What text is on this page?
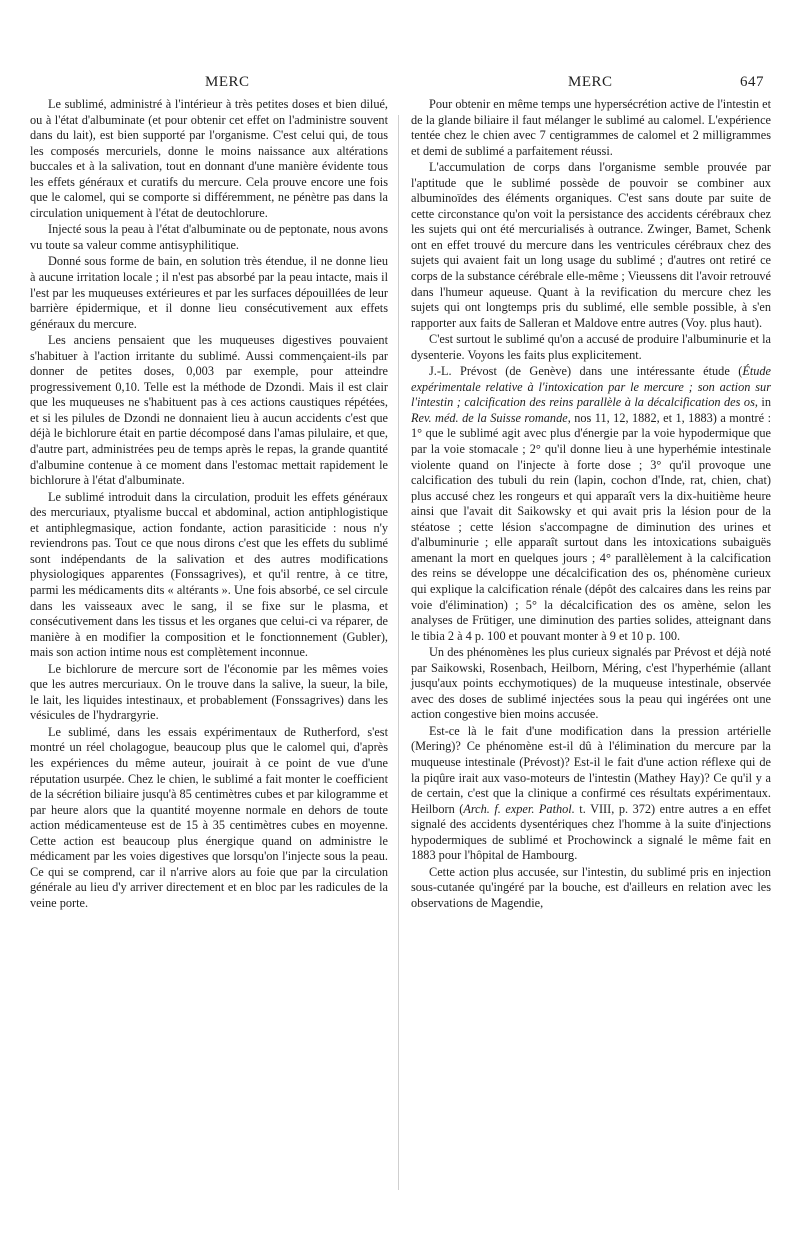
MERC	MERC	647

Le sublimé, administré à l'intérieur à très petites doses et bien dilué, ou à l'état d'albuminate (et pour obtenir cet effet on l'administre souvent dans du lait), est bien supporté par l'organisme. C'est celui qui, de tous les composés mercuriels, donne le moins naissance aux altérations buccales et à la salivation, tout en donnant d'une manière évidente tous les effets généraux et curatifs du mercure. Cela prouve encore une fois que le calomel, qui se comporte si différemment, ne pénètre pas dans la circulation uniquement à l'état de deutochlorure.

Injecté sous la peau à l'état d'albuminate ou de peptonate, nous avons vu toute sa valeur comme antisyphilitique.

Donné sous forme de bain, en solution très étendue, il ne donne lieu à aucune irritation locale ; il n'est pas absorbé par la peau intacte, mais il l'est par les muqueuses extérieures et par les surfaces dépouillées de leur barrière épidermique, et il donne lieu consécutivement aux effets généraux du mercure.

Les anciens pensaient que les muqueuses digestives pouvaient s'habituer à l'action irritante du sublimé. Aussi commençaient-ils par donner de petites doses, 0,003 par exemple, pour atteindre progressivement 0,10. Telle est la méthode de Dzondi. Mais il est clair que les muqueuses ne s'habituent pas à ces actions caustiques répétées, et si les pilules de Dzondi ne donnaient lieu à aucun accidents c'est que déjà le bichlorure était en partie décomposé dans l'amas pilulaire, et que, d'autre part, administrées peu de temps après le repas, la grande quantité d'albumine contenue à ce moment dans l'estomac mettait rapidement le bichlorure à l'état d'albuminate.

Le sublimé introduit dans la circulation, produit les effets généraux des mercuriaux, ptyalisme buccal et abdominal, action antiphlogistique et antiphlegmasique, action fondante, action parasiticide : nous n'y reviendrons pas. Tout ce que nous dirons c'est que les effets du sublimé sont indépendants de la salivation et des autres modifications physiologiques apparentes (Fonssagrives), et qu'il rentre, à ce titre, parmi les médicaments dits « altérants ». Une fois absorbé, ce sel circule dans les vaisseaux avec le sang, il se fixe sur le plasma, et consécutivement dans les tissus et les organes que celui-ci va réparer, de manière à en modifier la composition et le fonctionnement (Gubler), mais son action intime nous est complètement inconnue.

Le bichlorure de mercure sort de l'économie par les mêmes voies que les autres mercuriaux. On le trouve dans la salive, la sueur, la bile, le lait, les liquides intestinaux, et probablement (Fonssagrives) dans les vésicules de l'hydrargyrie.

Le sublimé, dans les essais expérimentaux de Rutherford, s'est montré un réel cholagogue, beaucoup plus que le calomel qui, d'après les expériences du même auteur, jouirait à ce point de vue d'une réputation usurpée. Chez le chien, le sublimé a fait monter le coefficient de la sécrétion biliaire jusqu'à 85 centimètres cubes et par kilogramme et par heure alors que la quantité moyenne normale en dehors de toute action médicamenteuse est de 15 à 35 centimètres cubes en moyenne. Cette action est beaucoup plus énergique quand on administre le médicament par les voies digestives que lorsqu'on l'injecte sous la peau. Ce qui se comprend, car il n'arrive alors au foie que par la circulation générale au lieu d'y arriver directement et en bloc par les radicules de la veine porte.

Pour obtenir en même temps une hypersécrétion active de l'intestin et de la glande biliaire il faut mélanger le sublimé au calomel. L'expérience tentée chez le chien avec 7 centigrammes de calomel et 2 milligrammes et demi de sublimé a parfaitement réussi.

L'accumulation de corps dans l'organisme semble prouvée par l'aptitude que le sublimé possède de pouvoir se combiner aux albuminoïdes des éléments organiques. C'est sans doute par suite de cette circonstance qu'on voit la persistance des accidents cérébraux chez les sujets qui ont été mercurialisés à outrance. Zwinger, Bamet, Schenk ont en effet trouvé du mercure dans les ventricules cérébraux chez des sujets qui avaient fait un long usage du sublimé ; d'autres ont retiré ce corps de la substance cérébrale elle-même ; Vieussens dit l'avoir retrouvé dans l'humeur aqueuse. Quant à la revification du mercure chez les sujets qui ont longtemps pris du sublimé, elle semble possible, à s'en rapporter aux faits de Salleran et Maldove entre autres (Voy. plus haut).

C'est surtout le sublimé qu'on a accusé de produire l'albuminurie et la dysenterie. Voyons les faits plus explicitement.

J.-L. Prévost (de Genève) dans une intéressante étude (Étude expérimentale relative à l'intoxication par le mercure ; son action sur l'intestin ; calcification des reins parallèle à la décalcification des os, in Rev. méd. de la Suisse romande, nos 11, 12, 1882, et 1, 1883) a montré : 1° que le sublimé agit avec plus d'énergie par la voie hypodermique que par la voie stomacale ; 2° qu'il donne lieu à une hyperhémie intestinale violente quand on l'injecte à forte dose ; 3° qu'il provoque une calcification des tubuli du rein (lapin, cochon d'Inde, rat, chien, chat) plus accusé chez les rongeurs et qui apparaît vers la dix-huitième heure ainsi que l'avait dit Saikowsky et qui avait pris la lésion pour de la stéatose ; cette lésion s'accompagne de diminution des urines et d'albuminurie ; elle apparaît surtout dans les intoxications subaiguës amenant la mort en quelques jours ; 4° parallèlement à la calcification des reins se développe une décalcification des os, phénomène curieux qui explique la calcification rénale (dépôt des calcaires dans les reins par voie d'élimination) ; 5° la décalcification des os amène, selon les analyses de Frütiger, une diminution des parties solides, atteignant dans le tibia 2 à 4 p. 100 et pouvant monter à 9 et 10 p. 100.

Un des phénomènes les plus curieux signalés par Prévost et déjà noté par Saikowski, Rosenbach, Heilborn, Méring, c'est l'hyperhémie (allant jusqu'aux points ecchymotiques) de la muqueuse intestinale, observée avec des doses de sublimé injectées sous la peau qui ingérées ont une action congestive bien moins accusée.

Est-ce là le fait d'une modification dans la pression artérielle (Mering)? Ce phénomène est-il dû à l'élimination du mercure par la muqueuse intestinale (Prévost)? Est-il le fait d'une action réflexe qui de la piqûre irait aux vaso-moteurs de l'intestin (Mathey Hay)? Ce qu'il y a de certain, c'est que la clinique a confirmé ces résultats expérimentaux. Heilborn (Arch. f. exper. Pathol. t. VIII, p. 372) entre autres a en effet signalé des accidents dysentériques chez l'homme à la suite d'injections hypodermiques de sublimé et Prochowinck a signalé le même fait en 1883 pour l'hôpital de Hambourg.

Cette action plus accusée, sur l'intestin, du sublimé pris en injection sous-cutanée qu'ingéré par la bouche, est d'ailleurs en relation avec les observations de Magendie,
